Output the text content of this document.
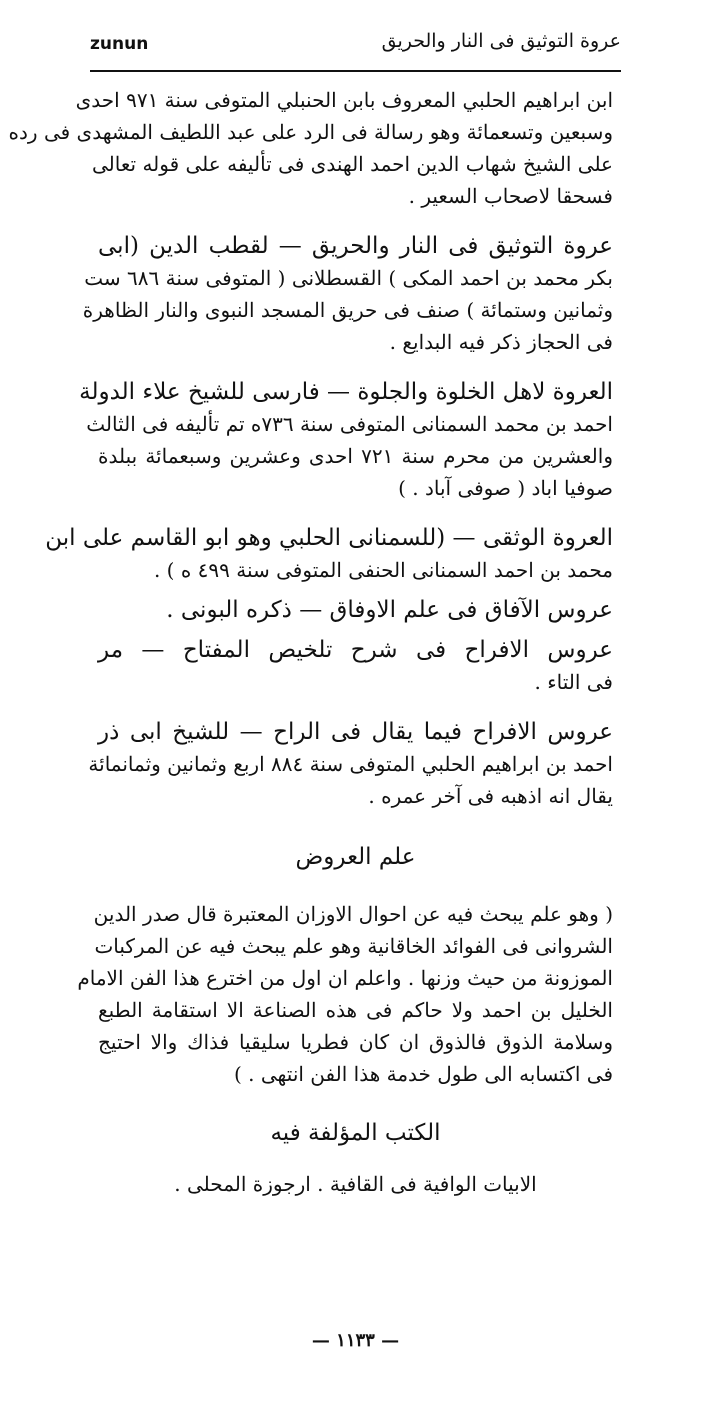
zunun	عروة التوثيق فى النار والحريق
ابن ابراهيم الحلبي المعروف بابن الحنبلي المتوفى سنة ٩٧١ احدى
وسبعين وتسعمائة وهو رسالة فى الرد على عبد اللطيف المشهدى فى رده
على الشيخ شهاب الدين احمد الهندى فى تأليفه على قوله تعالى
فسحقا لاصحاب السعير .
عروة التوثيق فى النار والحريق — لقطب الدين (ابى
بكر محمد بن احمد المكى ) القسطلانى ( المتوفى سنة ٦٨٦ ست
وثمانين وستمائة ) صنف فى حريق المسجد النبوى والنار الظاهرة
فى الحجاز ذكر فيه البدايع .
العروة لاهل الخلوة والجلوة — فارسى للشيخ علاء الدولة
احمد بن محمد السمنانى المتوفى سنة ٧٣٦ه تم تأليفه فى الثالث
والعشرين من محرم سنة ٧٢١ احدى وعشرين وسبعمائة ببلدة
صوفيا اباد ( صوفى آباد . )
العروة الوثقى — (للسمنانى الحلبي وهو ابو القاسم على ابن
محمد بن احمد السمنانى الحنفى المتوفى سنة ٤٩٩ ه ) .
عروس الآفاق فى علم الاوفاق — ذكره البونى .
عروس الافراح فى شرح تلخيص المفتاح — مر
فى التاء .
عروس الافراح فيما يقال فى الراح — للشيخ ابى ذر
احمد بن ابراهيم الحلبي المتوفى سنة ٨٨٤ اربع وثمانين وثمانمائة
يقال انه اذهبه فى آخر عمره .
علم العروض
( وهو علم يبحث فيه عن احوال الاوزان المعتبرة قال صدر الدين
الشروانى فى الفوائد الخاقانية وهو علم يبحث فيه عن المركبات
الموزونة من حيث وزنها . واعلم ان اول من اخترع هذا الفن الامام
الخليل بن احمد ولا حاكم فى هذه الصناعة الا استقامة الطبع
وسلامة الذوق فالذوق ان كان فطريا سليقيا فذاك والا احتيج
فى اكتسابه الى طول خدمة هذا الفن انتهى . )
الكتب المؤلفة فيه
الابيات الوافية فى القافية . ارجوزة المحلى .
— ١١٣٣ —
